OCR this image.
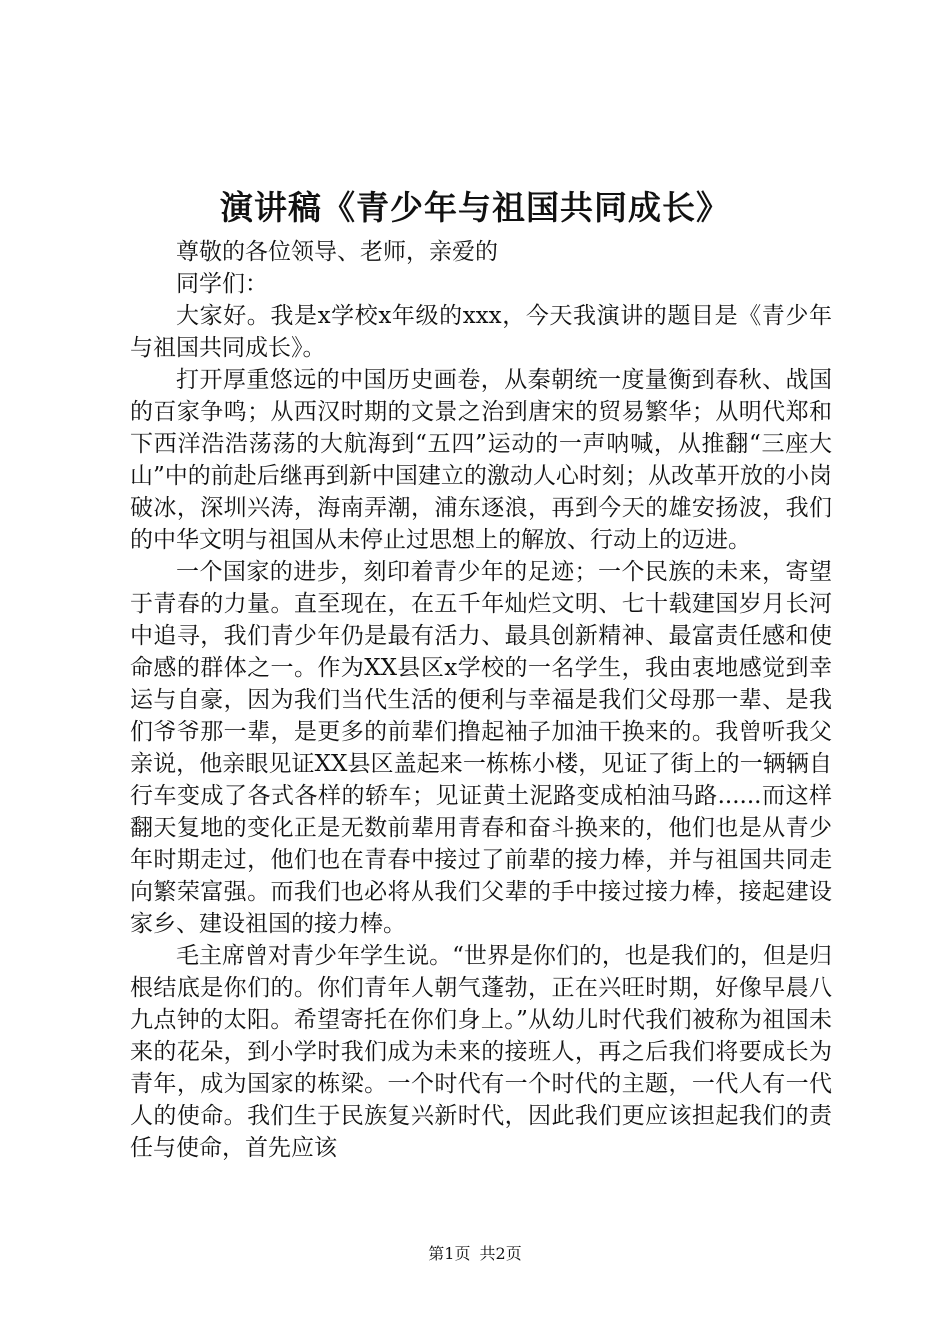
演讲稿《青少年与祖国共同成长》

尊敬的各位领导、老师，亲爱的

同学们：

大家好。我是x学校x年级的xxx，今天我演讲的题目是《青少年与祖国共同成长》。

打开厚重悠远的中国历史画卷，从秦朝统一度量衡到春秋、战国的百家争鸣；从西汉时期的文景之治到唐宋的贸易繁华；从明代郑和下西洋浩浩荡荡的大航海到“五四”运动的一声呐喊，从推翻“三座大山”中的前赴后继再到新中国建立的激动人心时刻；从改革开放的小岗破冰，深圳兴涛，海南弄潮，浦东逐浪，再到今天的雄安扬波，我们的中华文明与祖国从未停止过思想上的解放、行动上的迈进。

一个国家的进步，刻印着青少年的足迹；一个民族的未来，寄望于青春的力量。直至现在，在五千年灿烂文明、七十载建国岁月长河中追寻，我们青少年仍是最有活力、最具创新精神、最富责任感和使命感的群体之一。作为XX县区x学校的一名学生，我由衷地感觉到幸运与自豪，因为我们当代生活的便利与幸福是我们父母那一辈、是我们爷爷那一辈，是更多的前辈们撸起袖子加油干换来的。我曾听我父亲说，他亲眼见证XX县区盖起来一栋栋小楼，见证了街上的一辆辆自行车变成了各式各样的轿车；见证黄土泥路变成柏油马路......而这样翻天复地的变化正是无数前辈用青春和奋斗换来的，他们也是从青少年时期走过，他们也在青春中接过了前辈的接力棒，并与祖国共同走向繁荣富强。而我们也必将从我们父辈的手中接过接力棒，接起建设家乡、建设祖国的接力棒。

毛主席曾对青少年学生说。“世界是你们的，也是我们的，但是归根结底是你们的。你们青年人朝气蓬勃，正在兴旺时期，好像早晨八九点钟的太阳。希望寄托在你们身上。”从幼儿时代我们被称为祖国未来的花朵，到小学时我们成为未来的接班人，再之后我们将要成长为青年，成为国家的栋梁。一个时代有一个时代的主题，一代人有一代人的使命。我们生于民族复兴新时代，因此我们更应该担起我们的责任与使命，首先应该

第1页 共2页
